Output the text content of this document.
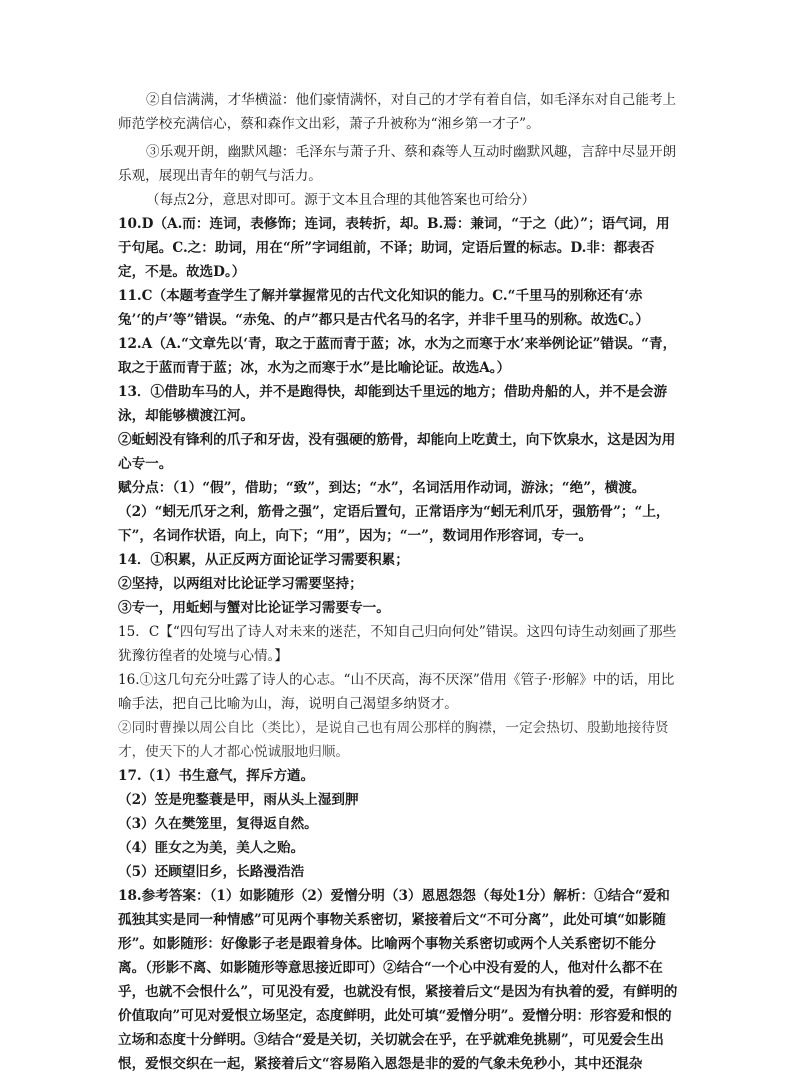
②自信满满，才华横溢：他们豪情满怀，对自己的才学有着自信，如毛泽东对自己能考上师范学校充满信心，蔡和森作文出彩，萧子升被称为“湘乡第一才子”。

③乐观开朗，幽默风趣：毛泽东与萧子升、蔡和森等人互动时幽默风趣，言辞中尽显开朗乐观，展现出青年的朝气与活力。

（每点2分，意思对即可。源于文本且合理的其他答案也可给分）

10.D（A.而：连词，表修饰；连词，表转折，却。B.焉：兼词，“于之（此）”；语气词，用于句尾。C.之：助词，用在“所”字词组前，不译；助词，定语后置的标志。D.非：都表否定，不是。故选D。）

11.C（本题考查学生了解并掌握常见的古代文化知识的能力。C.“千里马的别称还有‘赤兔’‘的卢’等”错误。“赤兔、的卢”都只是古代名马的名字，并非千里马的别称。故选C。）

12.A（A.“文章先以‘青，取之于蓝而青于蓝；冰，水为之而寒于水’来举例论证”错误。“青，取之于蓝而青于蓝；冰，水为之而寒于水”是比喻论证。故选A。）

13．①借助车马的人，并不是跑得快，却能到达千里远的地方；借助舟船的人，并不是会游泳，却能够横渡江河。

②蚯蚓没有锋利的爪子和牙齿，没有强硬的筋骨，却能向上吃黄土，向下饮泉水，这是因为用心专一。

赋分点：（1）“假”，借助；“致”，到达；“水”，名词活用作动词，游泳；“绝”，横渡。（2）“蚓无爪牙之利，筋骨之强”，定语后置句，正常语序为“蚓无利爪牙，强筋骨”；“上，下”，名词作状语，向上，向下；“用”，因为；“一”，数词用作形容词，专一。

14．①积累，从正反两方面论证学习需要积累；

②坚持，以两组对比论证学习需要坚持；

③专一，用蚯蚓与蟹对比论证学习需要专一。

15．C【“四句写出了诗人对未来的迷茫，不知自己归向何处”错误。这四句诗生动刻画了那些犹豫彷徨者的处境与心情。】

16.①这几句充分吐露了诗人的心志。“山不厌高，海不厌深”借用《管子·形解》中的话，用比喻手法，把自己比喻为山，海，说明自己渴望多纳贤才。

②同时曹操以周公自比（类比），是说自己也有周公那样的胸襟，一定会热切、殷勤地接待贤才，使天下的人才都心悦诚服地归顺。

17.（1）书生意气，挥斥方遒。

（2）笠是兜鍪蓑是甲，雨从头上湿到胛

（3）久在樊笼里，复得返自然。

（4）匪女之为美，美人之贻。

（5）还顾望旧乡，长路漫浩浩

18.参考答案：（1）如影随形（2）爱憎分明（3）恩恩怨怨（每处1分）解析：①结合“爱和孤独其实是同一种情感”可见两个事物关系密切，紧接着后文“不可分离”，此处可填“如影随形”。如影随形：好像影子老是跟着身体。比喻两个事物关系密切或两个人关系密切不能分离。（形影不离、如影随形等意思接近即可）②结合“一个心中没有爱的人，他对什么都不在乎，也就不会恨什么”，可见没有爱，也就没有恨，紧接着后文“是因为有执着的爱，有鲜明的价值取向”可见对爱恨立场坚定，态度鲜明，此处可填“爱憎分明”。爱憎分明：形容爱和恨的立场和态度十分鲜明。③结合“爱是关切，关切就会在乎，在乎就难免挑剔”，可见爱会生出恨，爱恨交织在一起，紧接着后文“容易陷入恩怨是非的爱的气象未免秒小，其中还混杂
